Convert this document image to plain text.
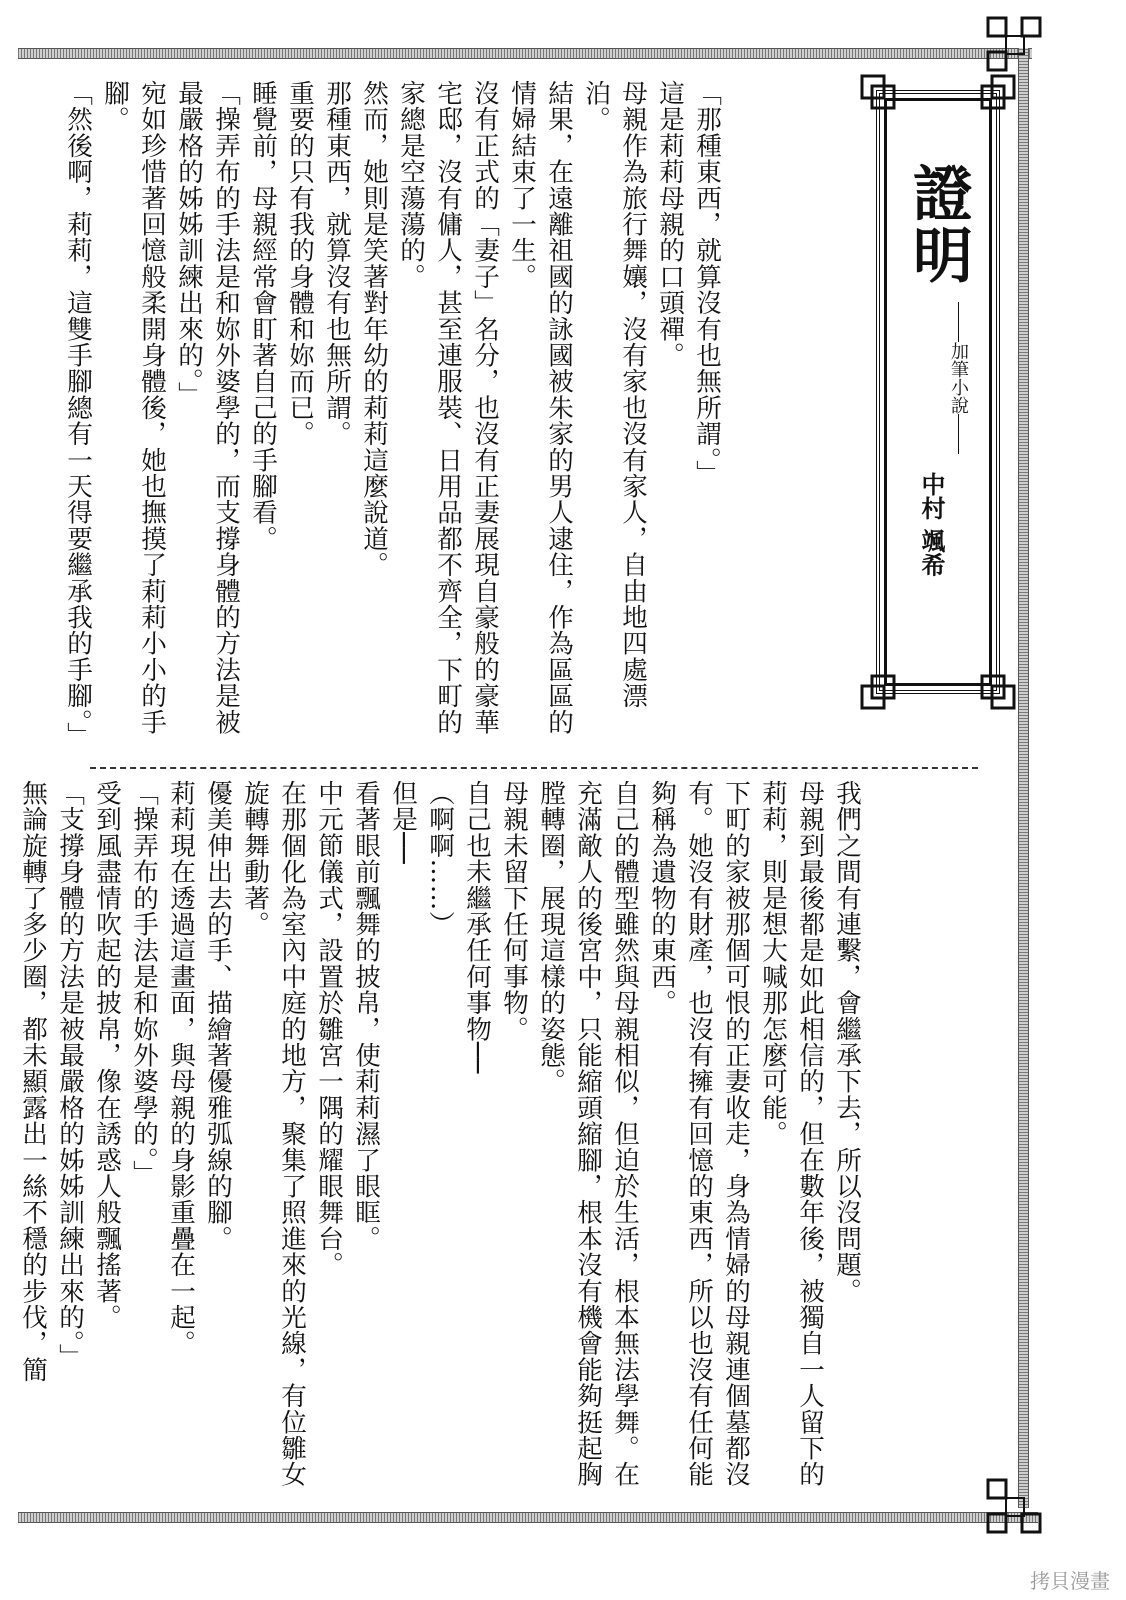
證明
加筆小說
中村 颯希

「那種東西，就算沒有也無所謂。」

這是莉莉母親的口頭禪。

母親作為旅行舞孃，沒有家也沒有家人，自由地四處漂泊。

結果，在遠離祖國的詠國被朱家的男人逮住，作為區區的情婦結束了一生。

沒有正式的「妻子」名分，也沒有正妻展現自豪般的豪華宅邸，沒有傭人，甚至連服裝、日用品都不齊全，下町的家總是空蕩蕩的。

然而，她則是笑著對年幼的莉莉這麼說道。

那種東西，就算沒有也無所謂。

重要的只有我的身體和妳而已。

睡覺前，母親經常會盯著自己的手腳看。

「操弄布的手法是和妳外婆學的，而支撐身體的方法是被最嚴格的姊姊訓練出來的。」

宛如珍惜著回憶般柔開身體後，她也撫摸了莉莉小小的手腳。

「然後啊，莉莉，這雙手腳總有一天得要繼承我的手腳。」

我們之間有連繫，會繼承下去，所以沒問題。

母親到最後都是如此相信的，但在數年後，被獨自一人留下的莉莉，則是想大喊那怎麼可能。

下町的家被那個可恨的正妻收走，身為情婦的母親連個墓都沒有。她沒有財產，也沒有擁有回憶的東西，所以也沒有任何能夠稱為遺物的東西。

自己的體型雖然與母親相似，但迫於生活，根本無法學舞。在充滿敵人的後宮中，只能縮頭縮腳，根本沒有機會能夠挺起胸膛轉圈，展現這樣的姿態。

母親未留下任何事物。

自己也未繼承任何事物──

（啊啊……）

但是──

看著眼前飄舞的披帛，使莉莉濕了眼眶。

中元節儀式，設置於雛宮一隅的耀眼舞台。

在那個化為室內中庭的地方，聚集了照進來的光線，有位雛女旋轉舞動著。

優美伸出去的手、描繪著優雅弧線的腳。

莉莉現在透過這畫面，與母親的身影重疊在一起。

「操弄布的手法是和妳外婆學的。」

受到風盡情吹起的披帛，像在誘惑人般飄搖著。

「支撐身體的方法是被最嚴格的姊姊訓練出來的。」

無論旋轉了多少圈，都未顯露出一絲不穩的步伐，簡

拷貝漫畫
